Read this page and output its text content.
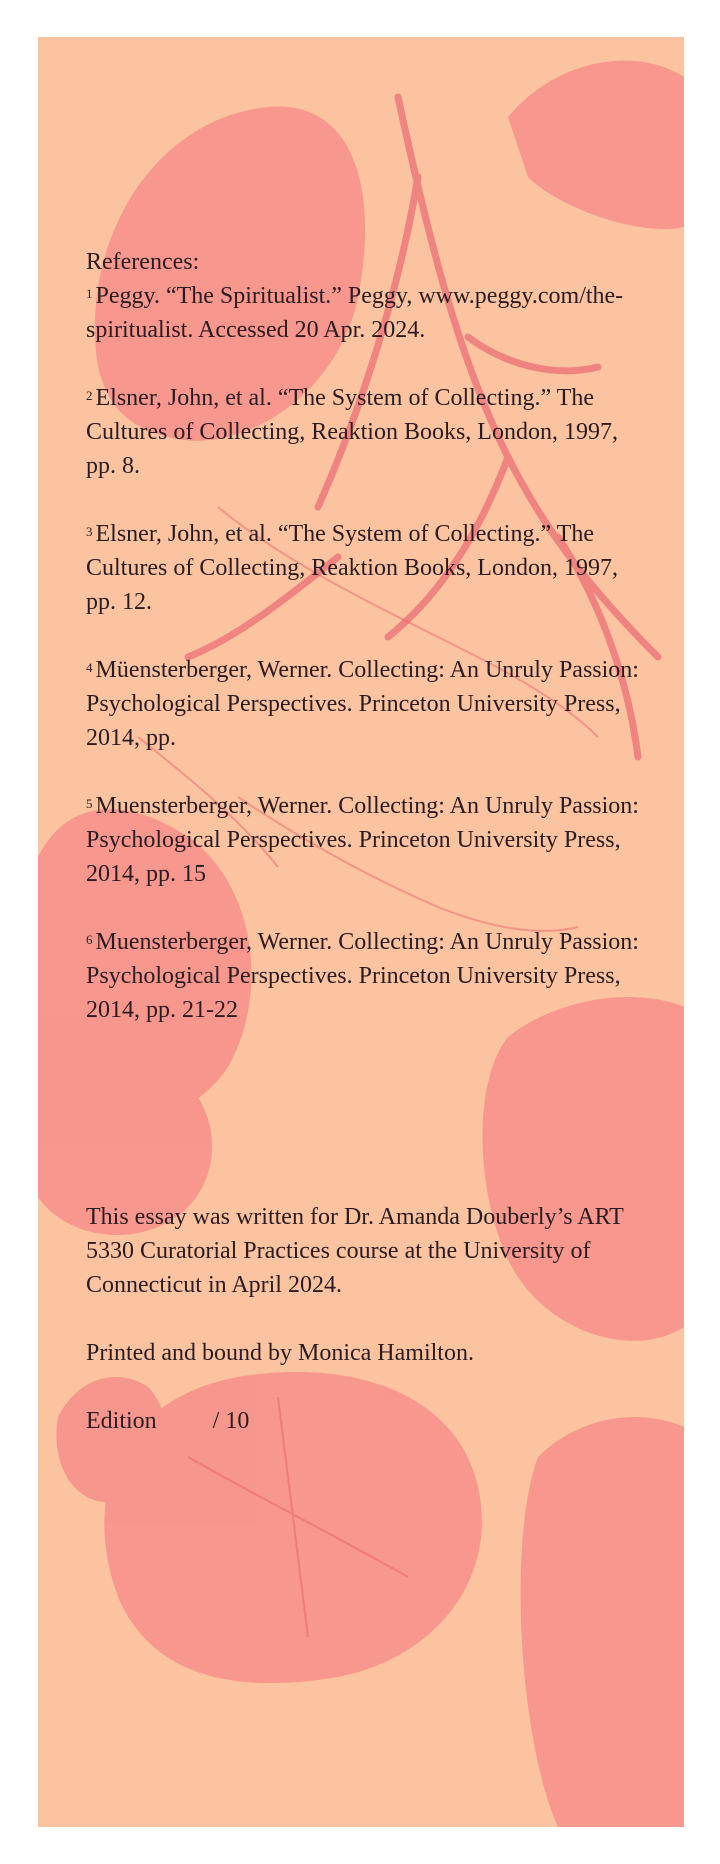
References:

$^1$ Peggy. “The Spiritualist.” Peggy, www.peggy.com/the-spiritualist. Accessed 20 Apr. 2024.

$^2$ Elsner, John, et al. “The System of Collecting.” The Cultures of Collecting, Reaktion Books, London, 1997, pp. 8.

$^3$ Elsner, John, et al. “The System of Collecting.” The Cultures of Collecting, Reaktion Books, London, 1997, pp. 12.

$^4$ Müensterberger, Werner. Collecting: An Unruly Passion: Psychological Perspectives. Princeton University Press, 2014, pp.

$^5$ Muensterberger, Werner. Collecting: An Unruly Passion: Psychological Perspectives. Princeton University Press, 2014, pp. 15

$^6$ Muensterberger, Werner. Collecting: An Unruly Passion: Psychological Perspectives. Princeton University Press, 2014, pp. 21-22

This essay was written for Dr. Amanda Douberly’s ART 5330 Curatorial Practices course at the University of Connecticut in April 2024.

Printed and bound by Monica Hamilton.

Edition / 10
